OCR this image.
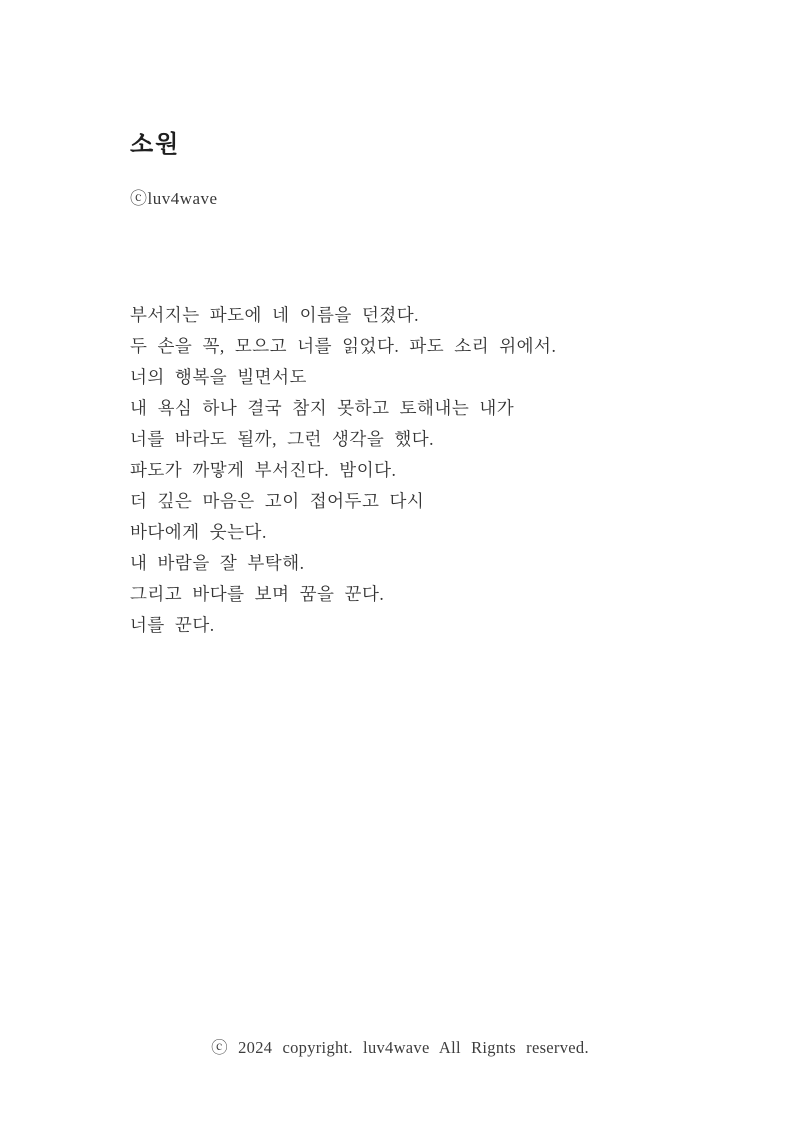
소원
ⓒluv4wave
부서지는 파도에 네 이름을 던졌다.
두 손을 꼭, 모으고 너를 읽었다. 파도 소리 위에서.
너의 행복을 빌면서도
내 욕심 하나 결국 참지 못하고 토해내는 내가
너를 바라도 될까, 그런 생각을 했다.
파도가 까맣게 부서진다. 밤이다.
더 깊은 마음은 고이 접어두고 다시
바다에게 웃는다.
내 바람을 잘 부탁해.
그리고 바다를 보며 꿈을 꾼다.
너를 꾼다.
ⓒ 2024 copyright. luv4wave All Rignts reserved.
